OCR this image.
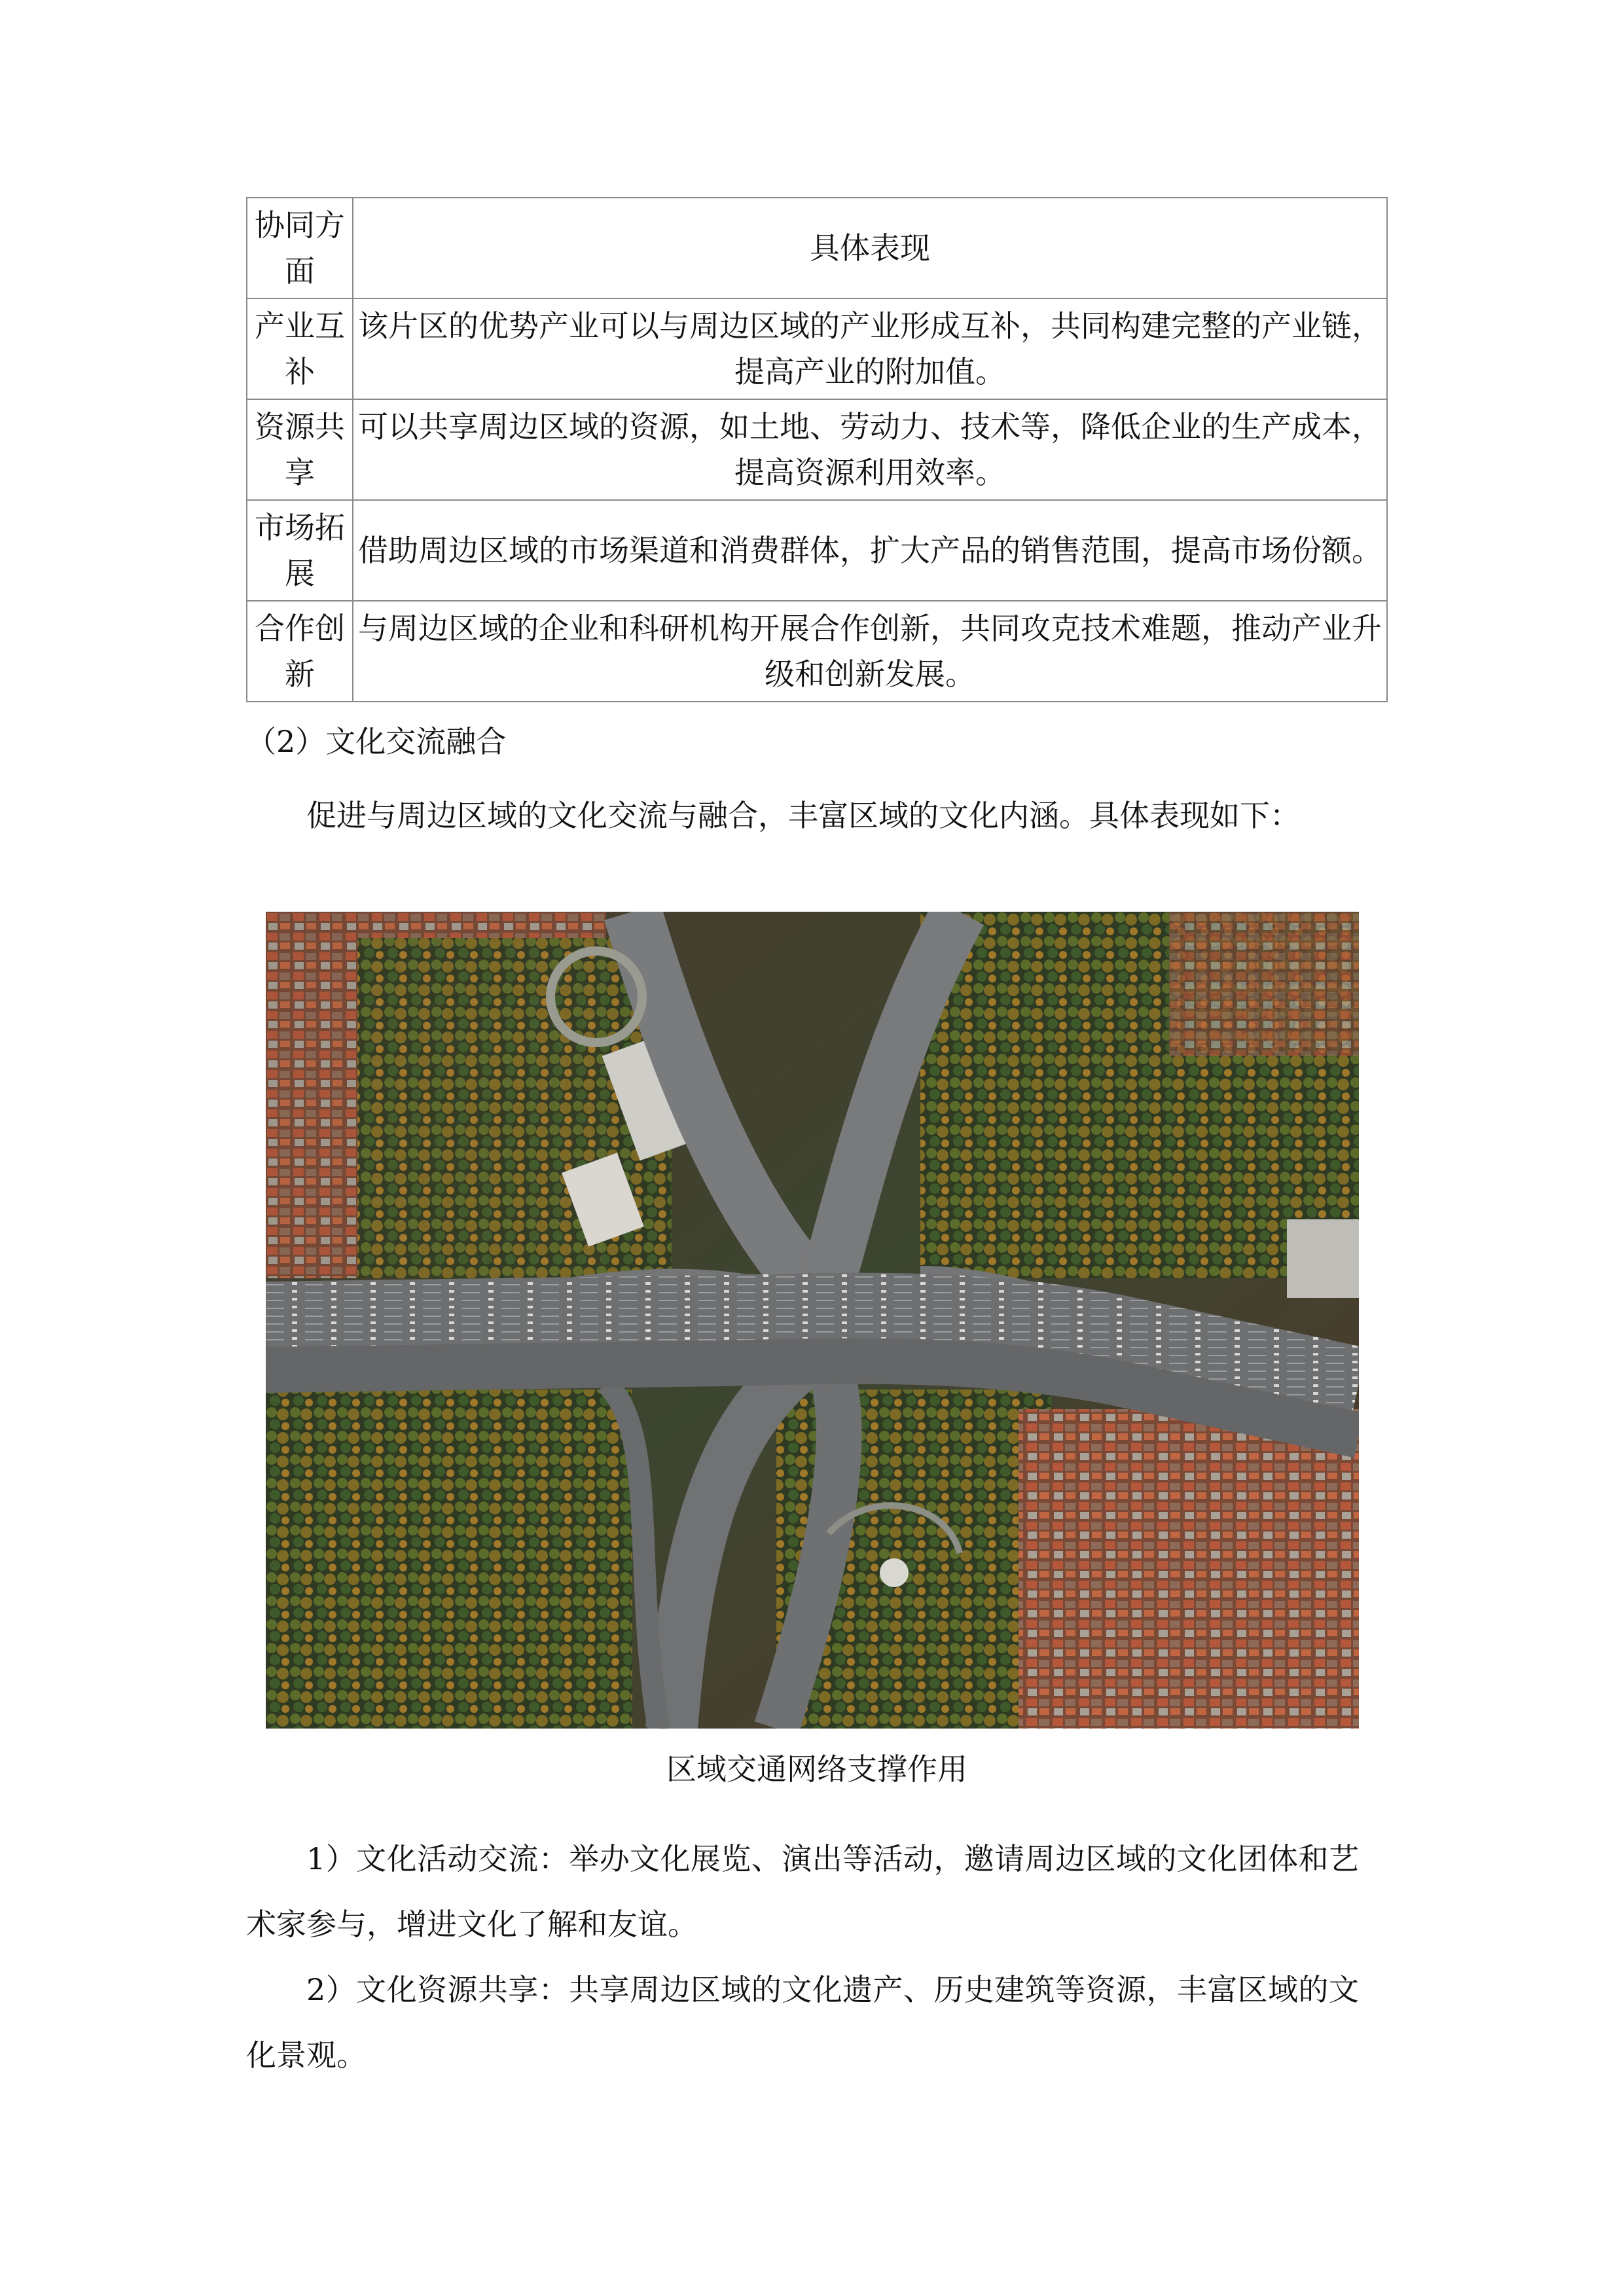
协同方面	具体表现
产业互补	该片区的优势产业可以与周边区域的产业形成互补，共同构建完整的产业链，提高产业的附加值。
资源共享	可以共享周边区域的资源，如土地、劳动力、技术等，降低企业的生产成本，提高资源利用效率。
市场拓展	借助周边区域的市场渠道和消费群体，扩大产品的销售范围，提高市场份额。
合作创新	与周边区域的企业和科研机构开展合作创新，共同攻克技术难题，推动产业升级和创新发展。
（2）文化交流融合
促进与周边区域的文化交流与融合，丰富区域的文化内涵。具体表现如下：
区域交通网络支撑作用
1）文化活动交流：举办文化展览、演出等活动，邀请周边区域的文化团体和艺术家参与，增进文化了解和友谊。
2）文化资源共享：共享周边区域的文化遗产、历史建筑等资源，丰富区域的文化景观。
